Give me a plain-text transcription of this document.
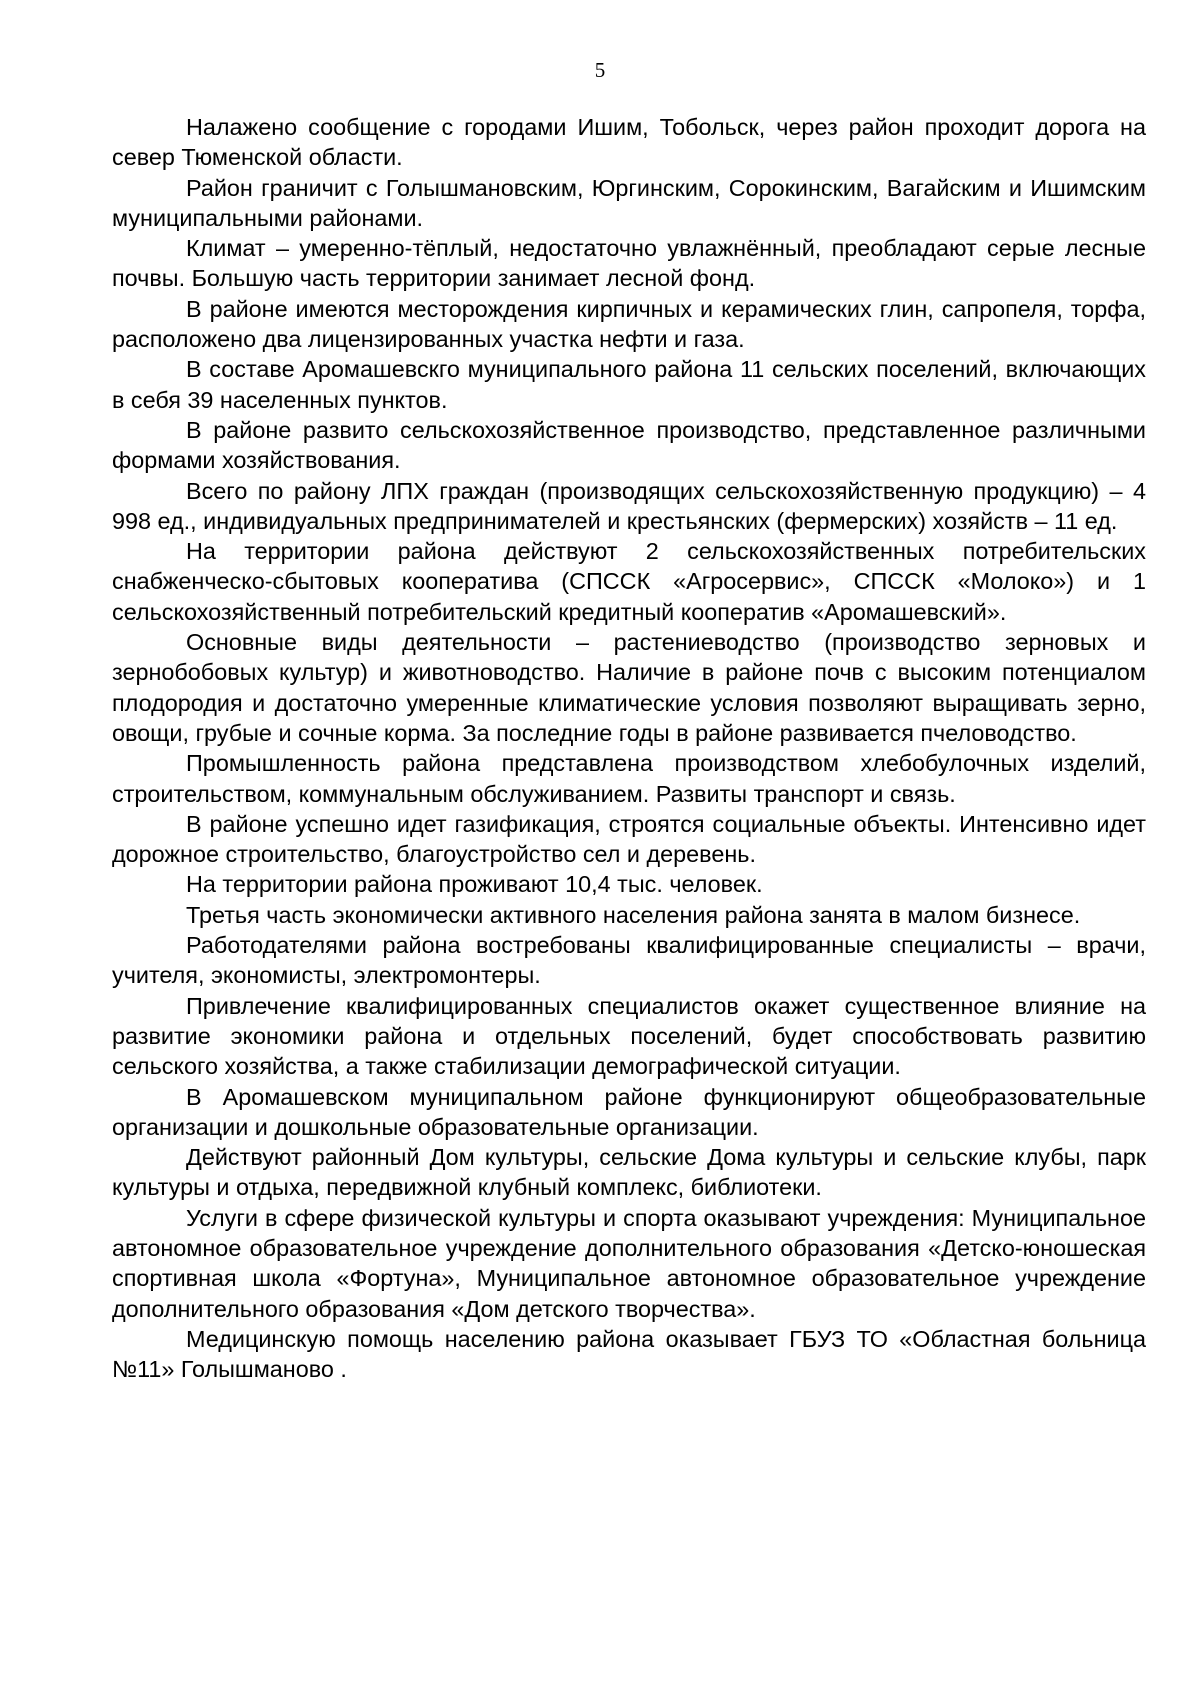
5

Налажено сообщение с городами Ишим, Тобольск, через район проходит дорога на север Тюменской области.

Район граничит с Голышмановским, Юргинским, Сорокинским, Вагайским и Ишимским муниципальными районами.

Климат – умеренно-тёплый, недостаточно увлажнённый, преобладают серые лесные почвы. Большую часть территории занимает лесной фонд.

В районе имеются месторождения кирпичных и керамических глин, сапропеля, торфа, расположено два лицензированных участка нефти и газа.

В составе Аромашевскго муниципального района 11 сельских поселений, включающих в себя 39 населенных пунктов.

В районе развито сельскохозяйственное производство, представленное различными формами хозяйствования.

Всего по району ЛПХ граждан (производящих сельскохозяйственную продукцию) – 4 998 ед., индивидуальных предпринимателей и крестьянских (фермерских) хозяйств – 11 ед.

На территории района действуют 2 сельскохозяйственных потребительских снабженческо-сбытовых кооператива (СПССК «Агросервис», СПССК «Молоко») и 1 сельскохозяйственный потребительский кредитный кооператив «Аромашевский».

Основные виды деятельности – растениеводство (производство зерновых и зернобобовых культур) и животноводство. Наличие в районе почв с высоким потенциалом плодородия и достаточно умеренные климатические условия позволяют выращивать зерно, овощи, грубые и сочные корма. За последние годы в районе развивается пчеловодство.

Промышленность района представлена производством хлебобулочных изделий, строительством, коммунальным обслуживанием. Развиты транспорт и связь.

В районе успешно идет газификация, строятся социальные объекты. Интенсивно идет дорожное строительство, благоустройство сел и деревень.

На территории района проживают 10,4 тыс. человек.

Третья часть экономически активного населения района занята в малом бизнесе.

Работодателями района востребованы квалифицированные специалисты – врачи, учителя, экономисты, электромонтеры.

Привлечение квалифицированных специалистов окажет существенное влияние на развитие экономики района и отдельных поселений, будет способствовать развитию сельского хозяйства, а также стабилизации демографической ситуации.

В Аромашевском муниципальном районе функционируют общеобразовательные организации и дошкольные образовательные организации.

Действуют районный Дом культуры, сельские Дома культуры и сельские клубы, парк культуры и отдыха, передвижной клубный комплекс, библиотеки.

Услуги в сфере физической культуры и спорта оказывают учреждения: Муниципальное автономное образовательное учреждение дополнительного образования «Детско-юношеская спортивная школа «Фортуна», Муниципальное автономное образовательное учреждение дополнительного образования «Дом детского творчества».

Медицинскую помощь населению района оказывает ГБУЗ ТО «Областная больница №11» Голышманово .
